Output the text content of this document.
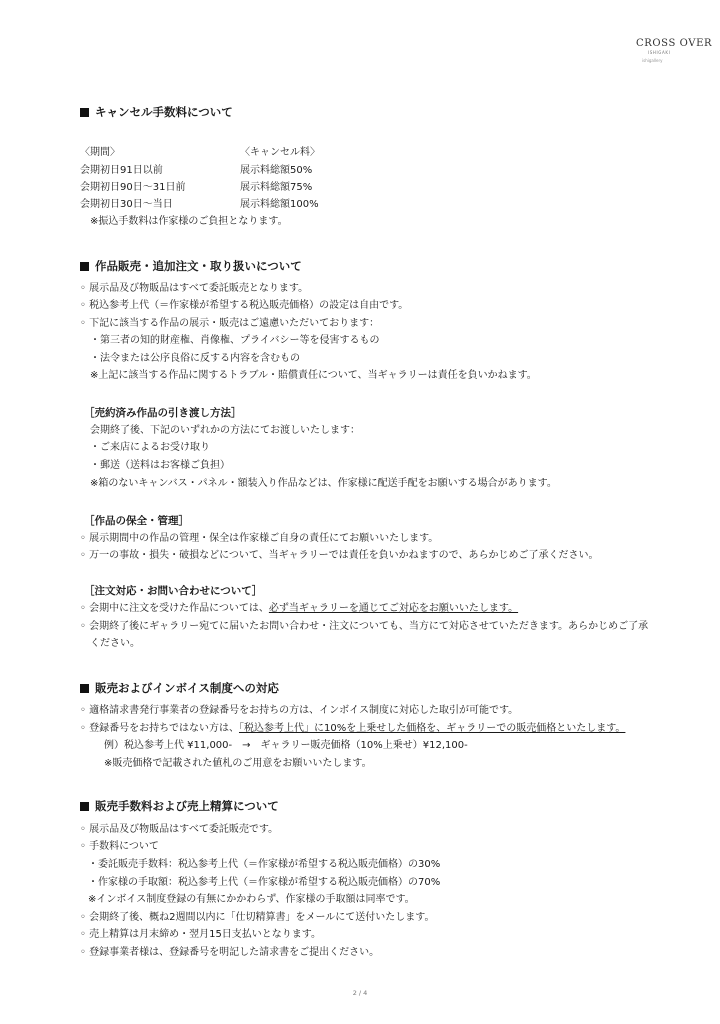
CROSS OVER
ISHIGAKI
ishigallery
キャンセル手数料について
〈期間〉	〈キャンセル料〉
会期初日91日以前	展示料総額50%
会期初日90日〜31日前	展示料総額75%
会期初日30日〜当日	展示料総額100%
※振込手数料は作家様のご負担となります。
作品販売・追加注文・取り扱いについて
◦ 展示品及び物販品はすべて委託販売となります。
◦ 税込参考上代（＝作家様が希望する税込販売価格）の設定は自由です。
◦ 下記に該当する作品の展示・販売はご遠慮いただいております：
・第三者の知的財産権、肖像権、プライバシー等を侵害するもの
・法令または公序良俗に反する内容を含むもの
※上記に該当する作品に関するトラブル・賠償責任について、当ギャラリーは責任を負いかねます。
［売約済み作品の引き渡し方法］
会期終了後、下記のいずれかの方法にてお渡しいたします：
・ご来店によるお受け取り
・郵送（送料はお客様ご負担）
※箱のないキャンバス・パネル・額装入り作品などは、作家様に配送手配をお願いする場合があります。
［作品の保全・管理］
◦ 展示期間中の作品の管理・保全は作家様ご自身の責任にてお願いいたします。
◦ 万一の事故・損失・破損などについて、当ギャラリーでは責任を負いかねますので、あらかじめご了承ください。
［注文対応・お問い合わせについて］
◦ 会期中に注文を受けた作品については、必ず当ギャラリーを通じてご対応をお願いいたします。
◦ 会期終了後にギャラリー宛てに届いたお問い合わせ・注文についても、当方にて対応させていただきます。あらかじめご了承
ください。
販売およびインボイス制度への対応
◦ 適格請求書発行事業者の登録番号をお持ちの方は、インボイス制度に対応した取引が可能です。
◦ 登録番号をお持ちではない方は、「税込参考上代」に10%を上乗せした価格を、ギャラリーでの販売価格といたします。
例）税込参考上代 ¥11,000-　→　ギャラリー販売価格（10%上乗せ）¥12,100-
※販売価格で記載された値札のご用意をお願いいたします。
販売手数料および売上精算について
◦ 展示品及び物販品はすべて委託販売です。
◦ 手数料について
・委託販売手数料：税込参考上代（＝作家様が希望する税込販売価格）の30%
・作家様の手取額：税込参考上代（＝作家様が希望する税込販売価格）の70%
※インボイス制度登録の有無にかかわらず、作家様の手取額は同率です。
◦ 会期終了後、概ね2週間以内に「仕切精算書」をメールにて送付いたします。
◦ 売上精算は月末締め・翌月15日支払いとなります。
◦ 登録事業者様は、登録番号を明記した請求書をご提出ください。
2 / 4
